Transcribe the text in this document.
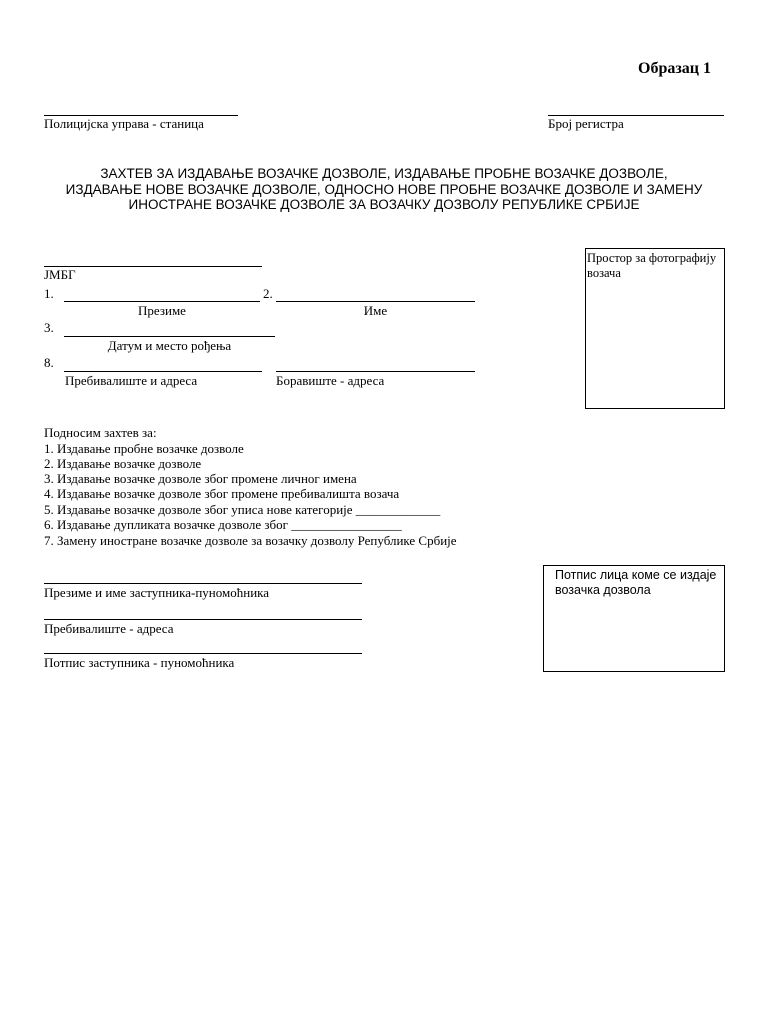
Образац 1
Полицијска управа - станица	Број регистра
ЗАХТЕВ ЗА ИЗДАВАЊЕ ВОЗАЧКЕ ДОЗВОЛЕ, ИЗДАВАЊЕ ПРОБНЕ ВОЗАЧКЕ ДОЗВОЛЕ,
ИЗДАВАЊЕ НОВЕ ВОЗАЧКЕ ДОЗВОЛЕ, ОДНОСНО НОВЕ ПРОБНЕ ВОЗАЧКЕ ДОЗВОЛЕ И ЗАМЕНУ
ИНОСТРАНЕ ВОЗАЧКЕ ДОЗВОЛЕ ЗА ВОЗАЧКУ ДОЗВОЛУ РЕПУБЛИКЕ СРБИЈЕ
Простор за фотографију возача
ЈМБГ
1.
Презиме
2.
Име
3.
Датум и место рођења
8.
Пребивалиште и адреса	Боравиште - адреса
Подносим захтев за:
1. Издавање пробне возачке дозволе
2. Издавање возачке дозволе
3. Издавање возачке дозволе због промене личног имена
4. Издавање возачке дозволе због промене пребивалишта возача
5. Издавање возачке дозволе због уписа нове категорије _____________
6. Издавање дупликата возачке дозволе због _________________
7. Замену иностране возачке дозволе за возачку дозволу Републике Србије
Презиме и име заступника-пуномоћника
Пребивалиште - адреса
Потпис заступника - пуномоћника
Потпис лица коме се издаје возачка дозвола
